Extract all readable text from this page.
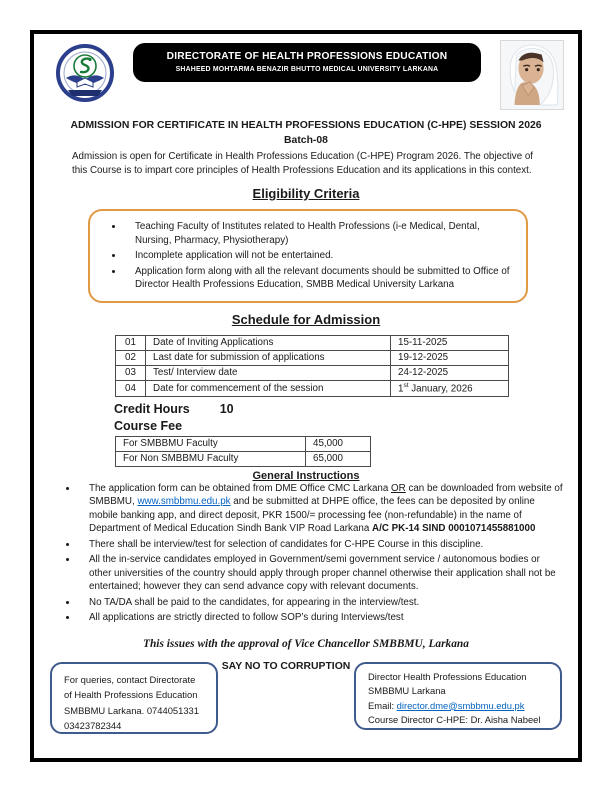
DIRECTORATE OF HEALTH PROFESSIONS EDUCATION
SHAHEED MOHTARMA BENAZIR BHUTTO MEDICAL UNIVERSITY LARKANA
ADMISSION FOR CERTIFICATE IN HEALTH PROFESSIONS EDUCATION (C-HPE) SESSION 2026
Batch-08
Admission is open for Certificate in Health Professions Education (C-HPE) Program 2026. The objective of this Course is to impart core principles of Health Professions Education and its applications in this context.
Eligibility Criteria
• Teaching Faculty of Institutes related to Health Professions (i-e Medical, Dental, Nursing, Pharmacy, Physiotherapy)
• Incomplete application will not be entertained.
• Application form along with all the relevant documents should be submitted to Office of Director Health Professions Education, SMBB Medical University Larkana
Schedule for Admission
01	Date of Inviting Applications	15-11-2025
02	Last date for submission of applications	19-12-2025
03	Test/ Interview date	24-12-2025
04	Date for commencement of the session	1st January, 2026
Credit Hours 10
Course Fee
For SMBBMU Faculty	45,000
For Non SMBBMU Faculty	65,000
General Instructions
• The application form can be obtained from DME Office CMC Larkana OR can be downloaded from website of SMBBMU, www.smbbmu.edu.pk and be submitted at DHPE office, the fees can be deposited by online mobile banking app, and direct deposit, PKR 1500/= processing fee (non-refundable) in the name of Department of Medical Education Sindh Bank VIP Road Larkana A/C PK-14 SIND 0001071455881000
• There shall be interview/test for selection of candidates for C-HPE Course in this discipline.
• All the in-service candidates employed in Government/semi government service / autonomous bodies or other universities of the country should apply through proper channel otherwise their application shall not be entertained; however they can send advance copy with relevant documents.
• No TA/DA shall be paid to the candidates, for appearing in the interview/test.
• All applications are strictly directed to follow SOP’s during Interviews/test
This issues with the approval of Vice Chancellor SMBBMU, Larkana
For queries, contact Directorate
of Health Professions Education
SMBBMU Larkana. 0744051331
03423782344
SAY NO TO CORRUPTION
Director Health Professions Education
SMBBMU Larkana
Email: director.dme@smbbmu.edu.pk
Course Director C-HPE: Dr. Aisha Nabeel
